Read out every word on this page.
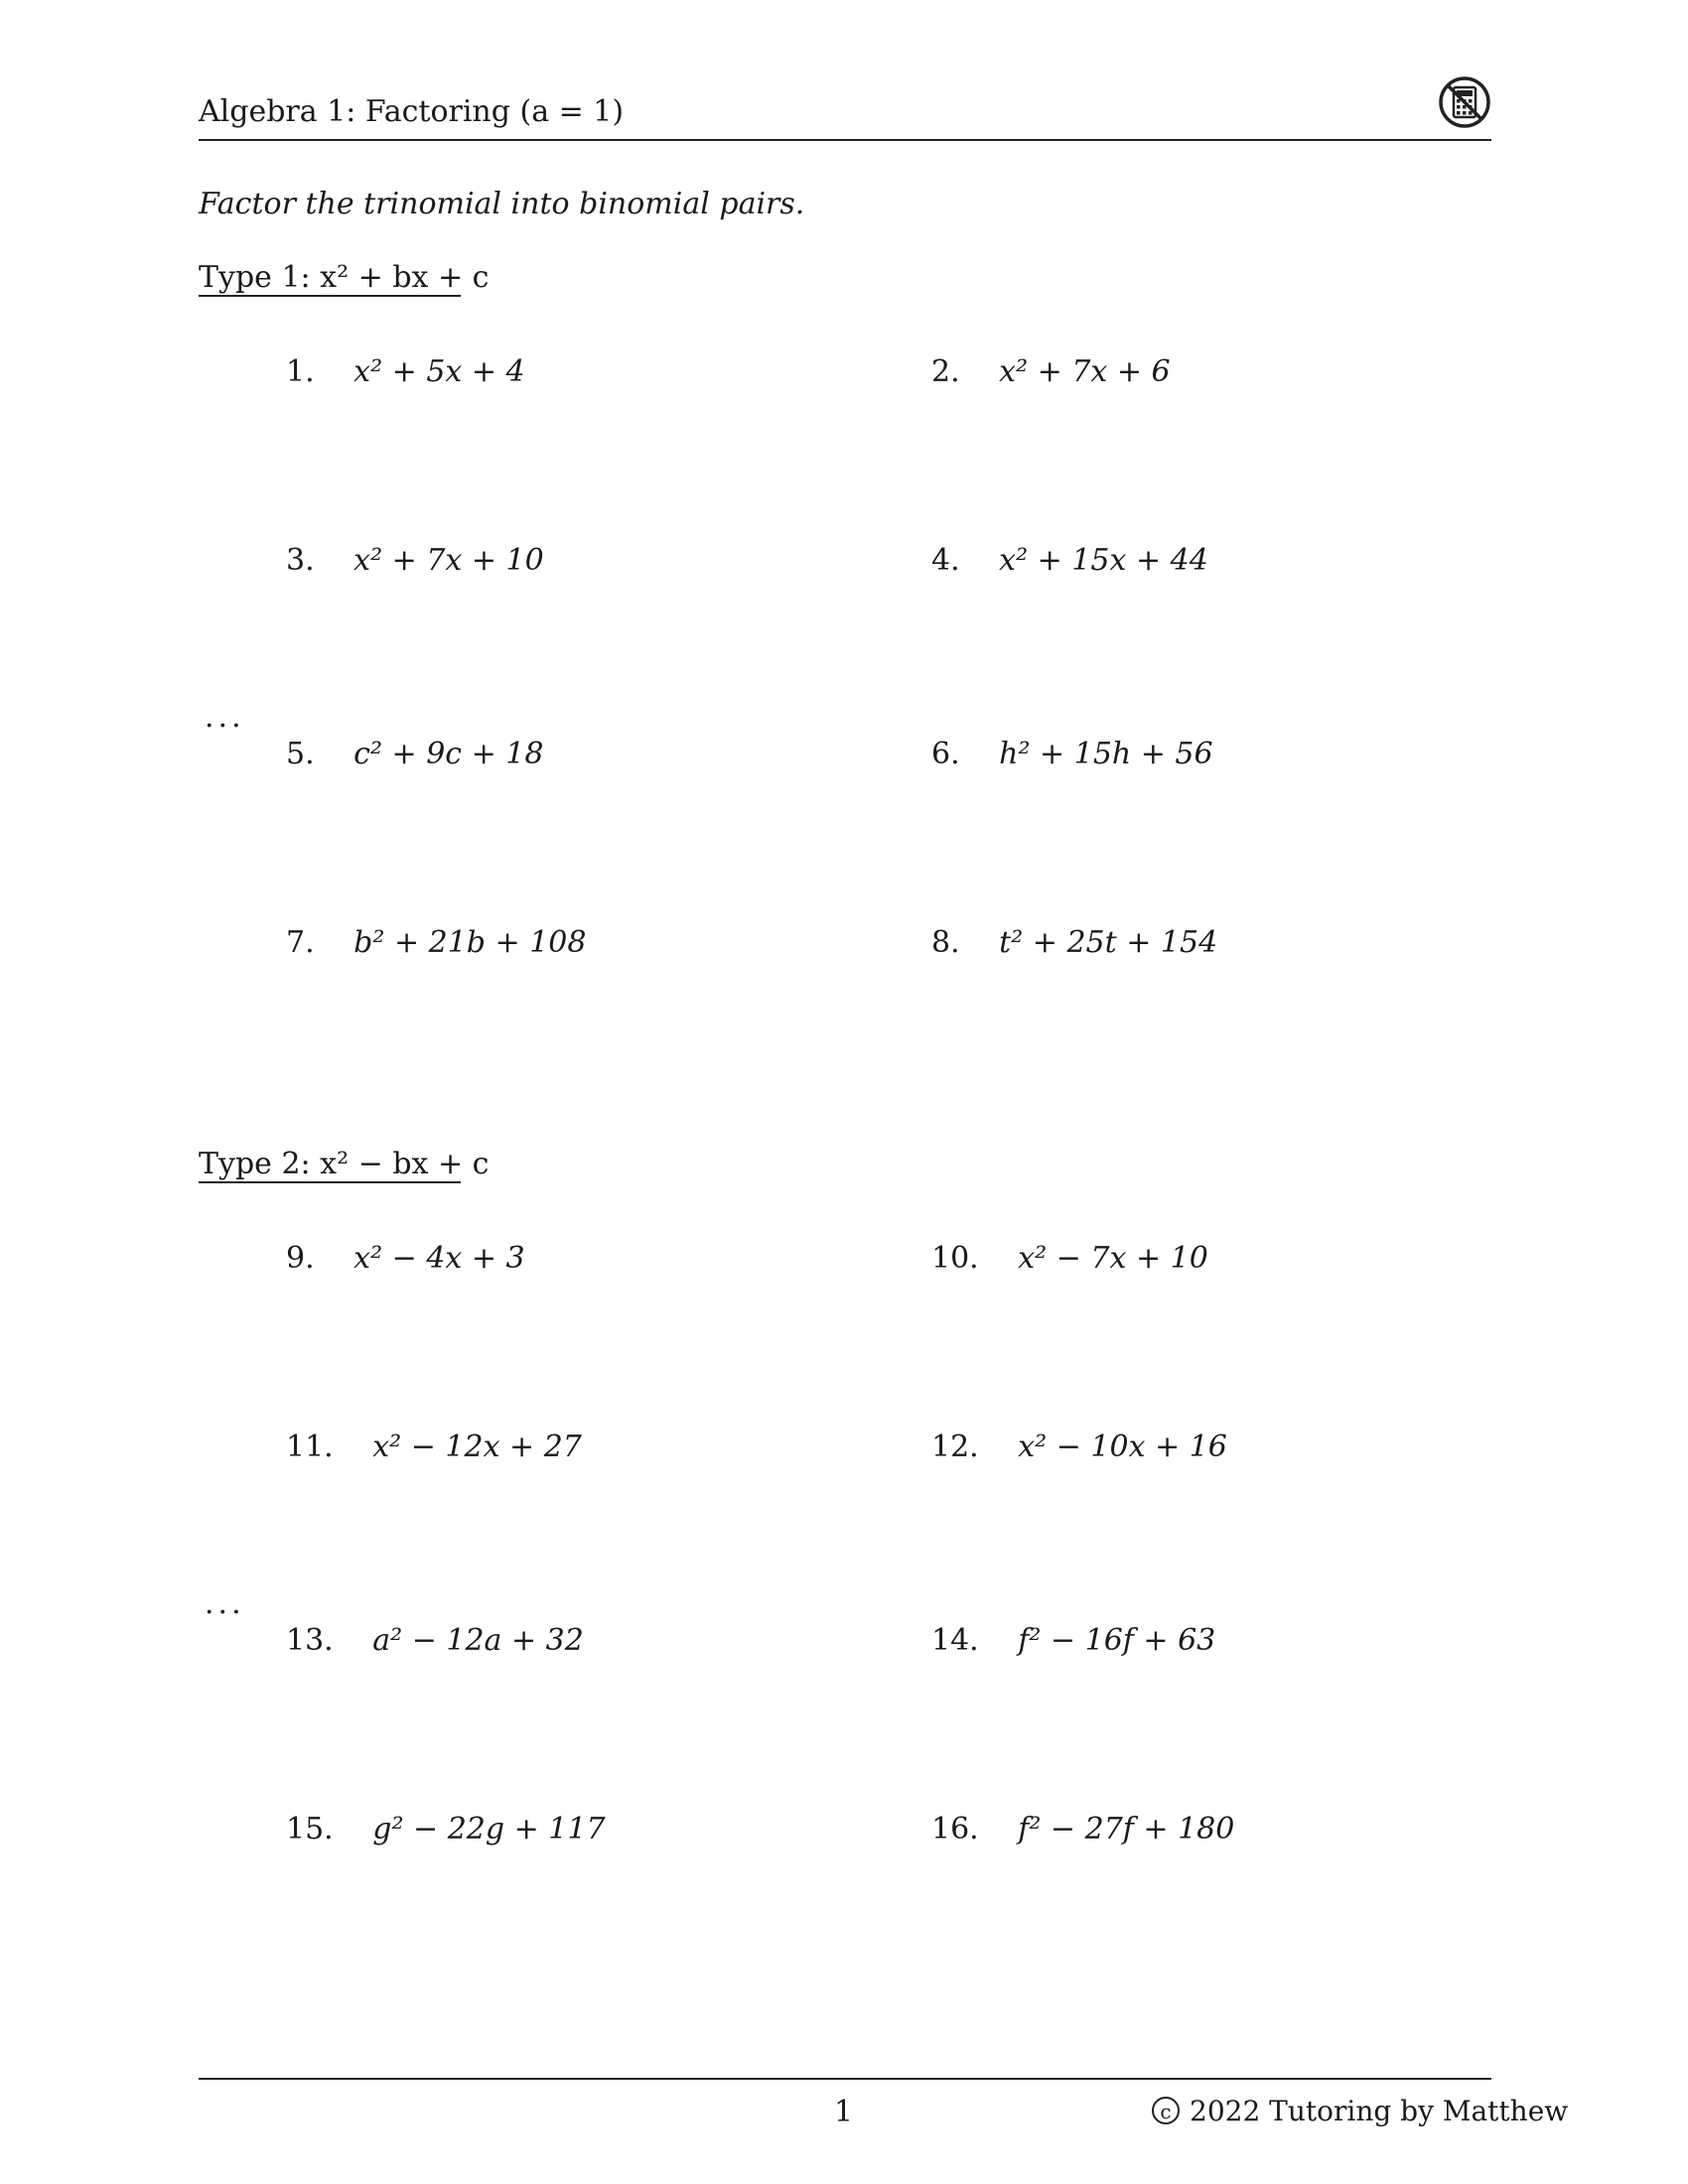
Algebra 1: Factoring (a = 1)
Factor the trinomial into binomial pairs.
Type 1: x² + bx + c
1. x² + 5x + 4	2. x² + 7x + 6
3. x² + 7x + 10	4. x² + 15x + 44
...
5. c² + 9c + 18	6. h² + 15h + 56
7. b² + 21b + 108	8. t² + 25t + 154
Type 2: x² − bx + c
9. x² − 4x + 3	10. x² − 7x + 10
11. x² − 12x + 27	12. x² − 10x + 16
...
13. a² − 12a + 32	14. f² − 16f + 63
15. g² − 22g + 117	16. f² − 27f + 180
1	c 2022 Tutoring by Matthew
